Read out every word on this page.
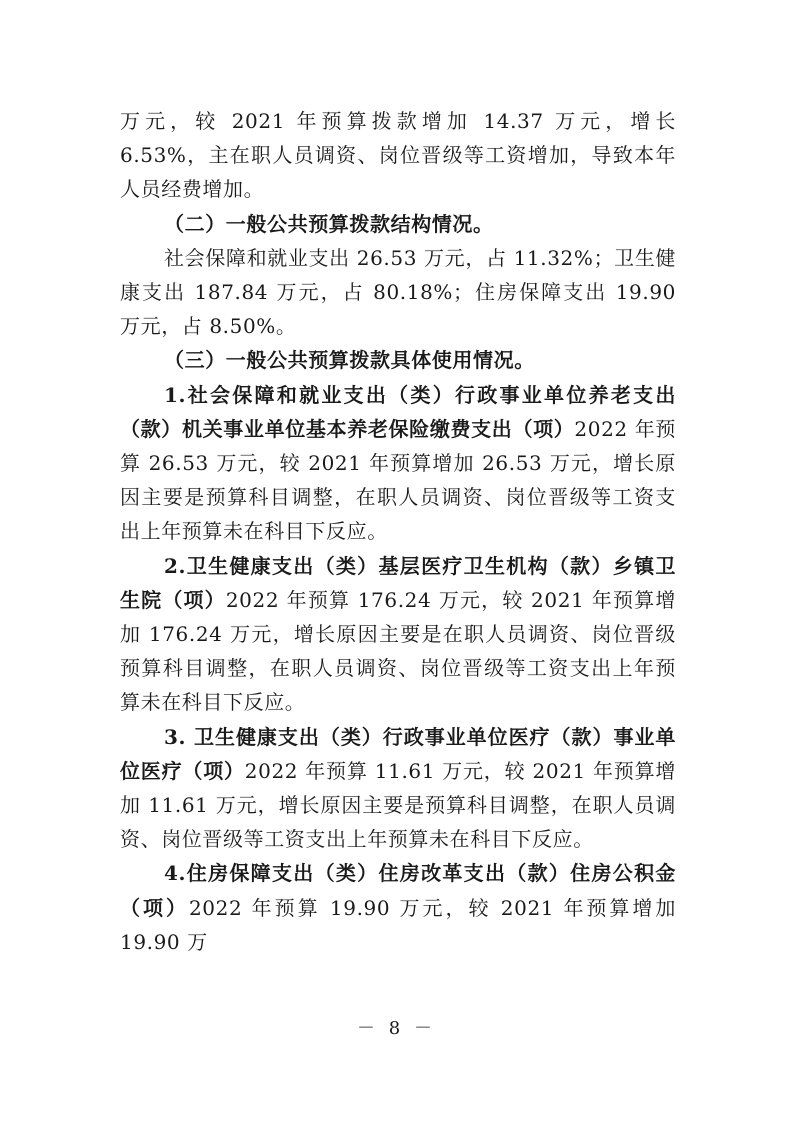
万元，较 2021 年预算拨款增加 14.37 万元，增长 6.53%，主在职人员调资、岗位晋级等工资增加，导致本年人员经费增加。

（二）一般公共预算拨款结构情况。

社会保障和就业支出 26.53 万元，占 11.32%；卫生健康支出 187.84 万元，占 80.18%；住房保障支出 19.90 万元，占 8.50%。

（三）一般公共预算拨款具体使用情况。

1.社会保障和就业支出（类）行政事业单位养老支出（款）机关事业单位基本养老保险缴费支出（项）2022 年预算 26.53 万元，较 2021 年预算增加 26.53 万元，增长原因主要是预算科目调整，在职人员调资、岗位晋级等工资支出上年预算未在科目下反应。

2.卫生健康支出（类）基层医疗卫生机构（款）乡镇卫生院（项）2022 年预算 176.24 万元，较 2021 年预算增加 176.24 万元，增长原因主要是在职人员调资、岗位晋级预算科目调整，在职人员调资、岗位晋级等工资支出上年预算未在科目下反应。

3. 卫生健康支出（类）行政事业单位医疗（款）事业单位医疗（项）2022 年预算 11.61 万元，较 2021 年预算增加 11.61 万元，增长原因主要是预算科目调整，在职人员调资、岗位晋级等工资支出上年预算未在科目下反应。

4.住房保障支出（类）住房改革支出（款）住房公积金（项）2022 年预算 19.90 万元，较 2021 年预算增加 19.90 万

－ 8 －
